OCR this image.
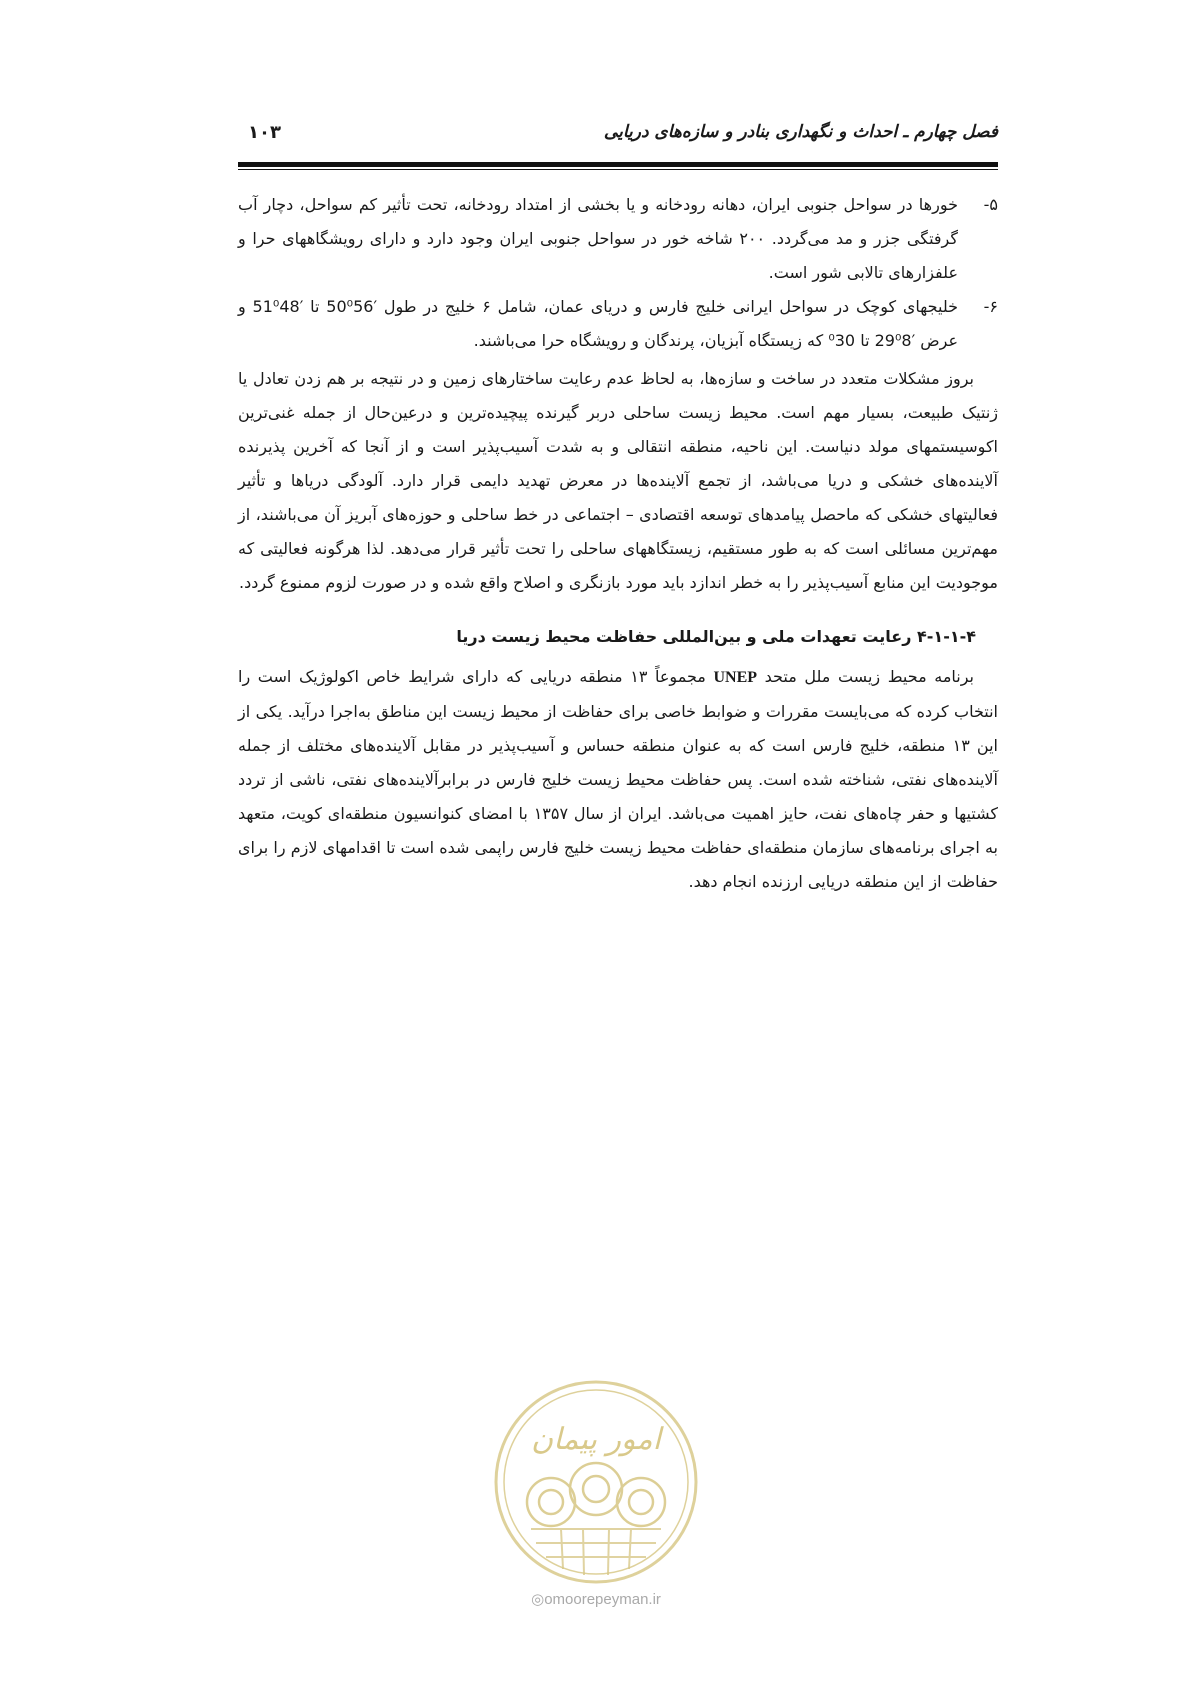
فصل چهارم ـ احداث و نگهداری بنادر و سازه‌های دریایی
۱۰۳

۵-
خورها در سواحل جنوبی ایران، دهانه رودخانه و یا بخشی از امتداد رودخانه، تحت تأثیر کم سواحل، دچار آب گرفتگی جزر و مد می‌گردد. ۲۰۰ شاخه خور در سواحل جنوبی ایران وجود دارد و دارای رویشگاههای حرا و علفزارهای تالابی شور است.

۶-
خلیجهای کوچک در سواحل ایرانی خلیج فارس و دریای عمان، شامل ۶ خلیج در طول ′50⁰56 تا ′51⁰48 و عرض ′29⁰8 تا ⁰30 که زیستگاه آبزیان، پرندگان و رویشگاه حرا می‌باشند.

بروز مشکلات متعدد در ساخت و سازه‌ها، به لحاظ عدم رعایت ساختارهای زمین و در نتیجه بر هم زدن تعادل یا ژنتیک طبیعت، بسیار مهم است. محیط زیست ساحلی دربر گیرنده پیچیده‌ترین و درعین‌حال از جمله غنی‌ترین اکوسیستمهای مولد دنیاست. این ناحیه، منطقه انتقالی و به شدت آسیب‌پذیر است و از آنجا که آخرین پذیرنده آلاینده‌های خشکی و دریا می‌باشد، از تجمع آلاینده‌ها در معرض تهدید دایمی قرار دارد. آلودگی دریاها و تأثیر فعالیتهای خشکی که ماحصل پیامدهای توسعه اقتصادی – اجتماعی در خط ساحلی و حوزه‌های آبریز آن می‌باشند، از مهم‌ترین مسائلی است که به طور مستقیم، زیستگاههای ساحلی را تحت تأثیر قرار می‌دهد. لذا هرگونه فعالیتی که موجودیت این منابع آسیب‌پذیر را به خطر اندازد باید مورد بازنگری و اصلاح واقع شده و در صورت لزوم ممنوع گردد.

۴-۱-۱-۴ رعایت تعهدات ملی و بین‌المللی حفاظت محیط زیست دریا

برنامه محیط زیست ملل متحد UNEP مجموعاً ۱۳ منطقه دریایی که دارای شرایط خاص اکولوژیک است را انتخاب کرده که می‌بایست مقررات و ضوابط خاصی برای حفاظت از محیط زیست این مناطق به‌اجرا درآید. یکی از این ۱۳ منطقه، خلیج فارس است که به عنوان منطقه حساس و آسیب‌پذیر در مقابل آلاینده‌های مختلف از جمله آلاینده‌های نفتی، شناخته شده است. پس حفاظت محیط زیست خلیج فارس در برابرآلاینده‌های نفتی، ناشی از تردد کشتیها و حفر چاه‌های نفت، حایز اهمیت می‌باشد. ایران از سال ۱۳۵۷ با امضای کنوانسیون منطقه‌ای کویت، متعهد به اجرای برنامه‌های سازمان منطقه‌ای حفاظت محیط زیست خلیج فارس راپمی شده است تا اقدامهای لازم را برای حفاظت از این منطقه دریایی ارزنده انجام دهد.

امور پیمان
◎omoorepeyman.ir
